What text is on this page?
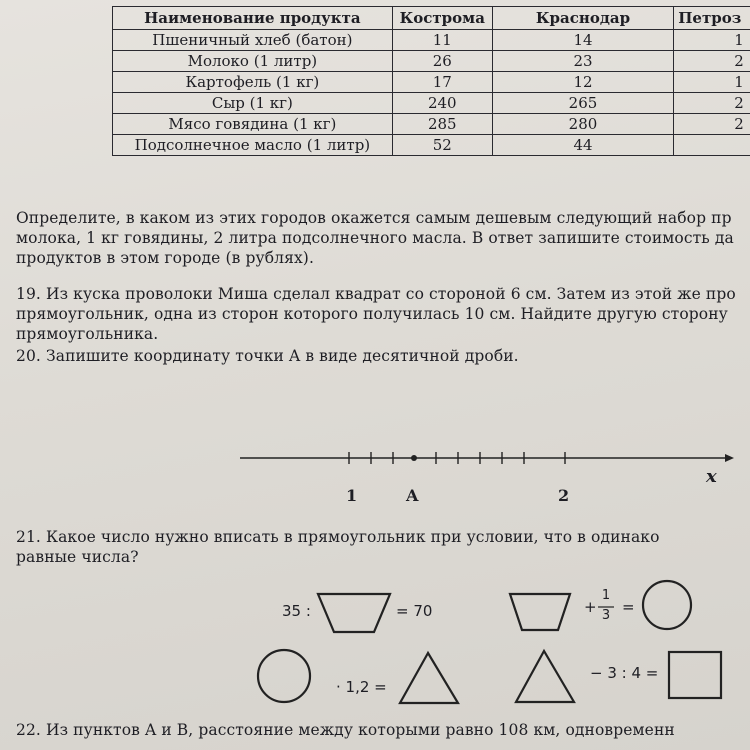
Наименование продукта	Кострома	Краснодар	Петроз
Пшеничный хлеб (батон)	11	14	1
Молоко (1 литр)	26	23	2
Картофель (1 кг)	17	12	1
Сыр (1 кг)	240	265	2
Мясо говядина (1 кг)	285	280	2
Подсолнечное масло (1 литр)	52	44	
Определите, в каком из этих городов окажется самым дешевым следующий набор пр
молока, 1 кг говядины, 2 литра подсолнечного масла. В ответ запишите стоимость да
продуктов в этом городе (в рублях).
19. Из куска проволоки Миша сделал квадрат со стороной 6 см. Затем из этой же про
прямоугольник, одна из сторон которого получилась 10 см. Найдите другую сторону
прямоугольника.
20. Запишите координату точки A в виде десятичной дроби.
1	A	2
x
21. Какое число нужно вписать в прямоугольник при условии, что в одинако
равные числа?
35 :	= 70	+
1
3 =
· 1,2 =
− 3 : 4 =
22. Из пунктов A и B, расстояние между которыми равно 108 км, одновременн
